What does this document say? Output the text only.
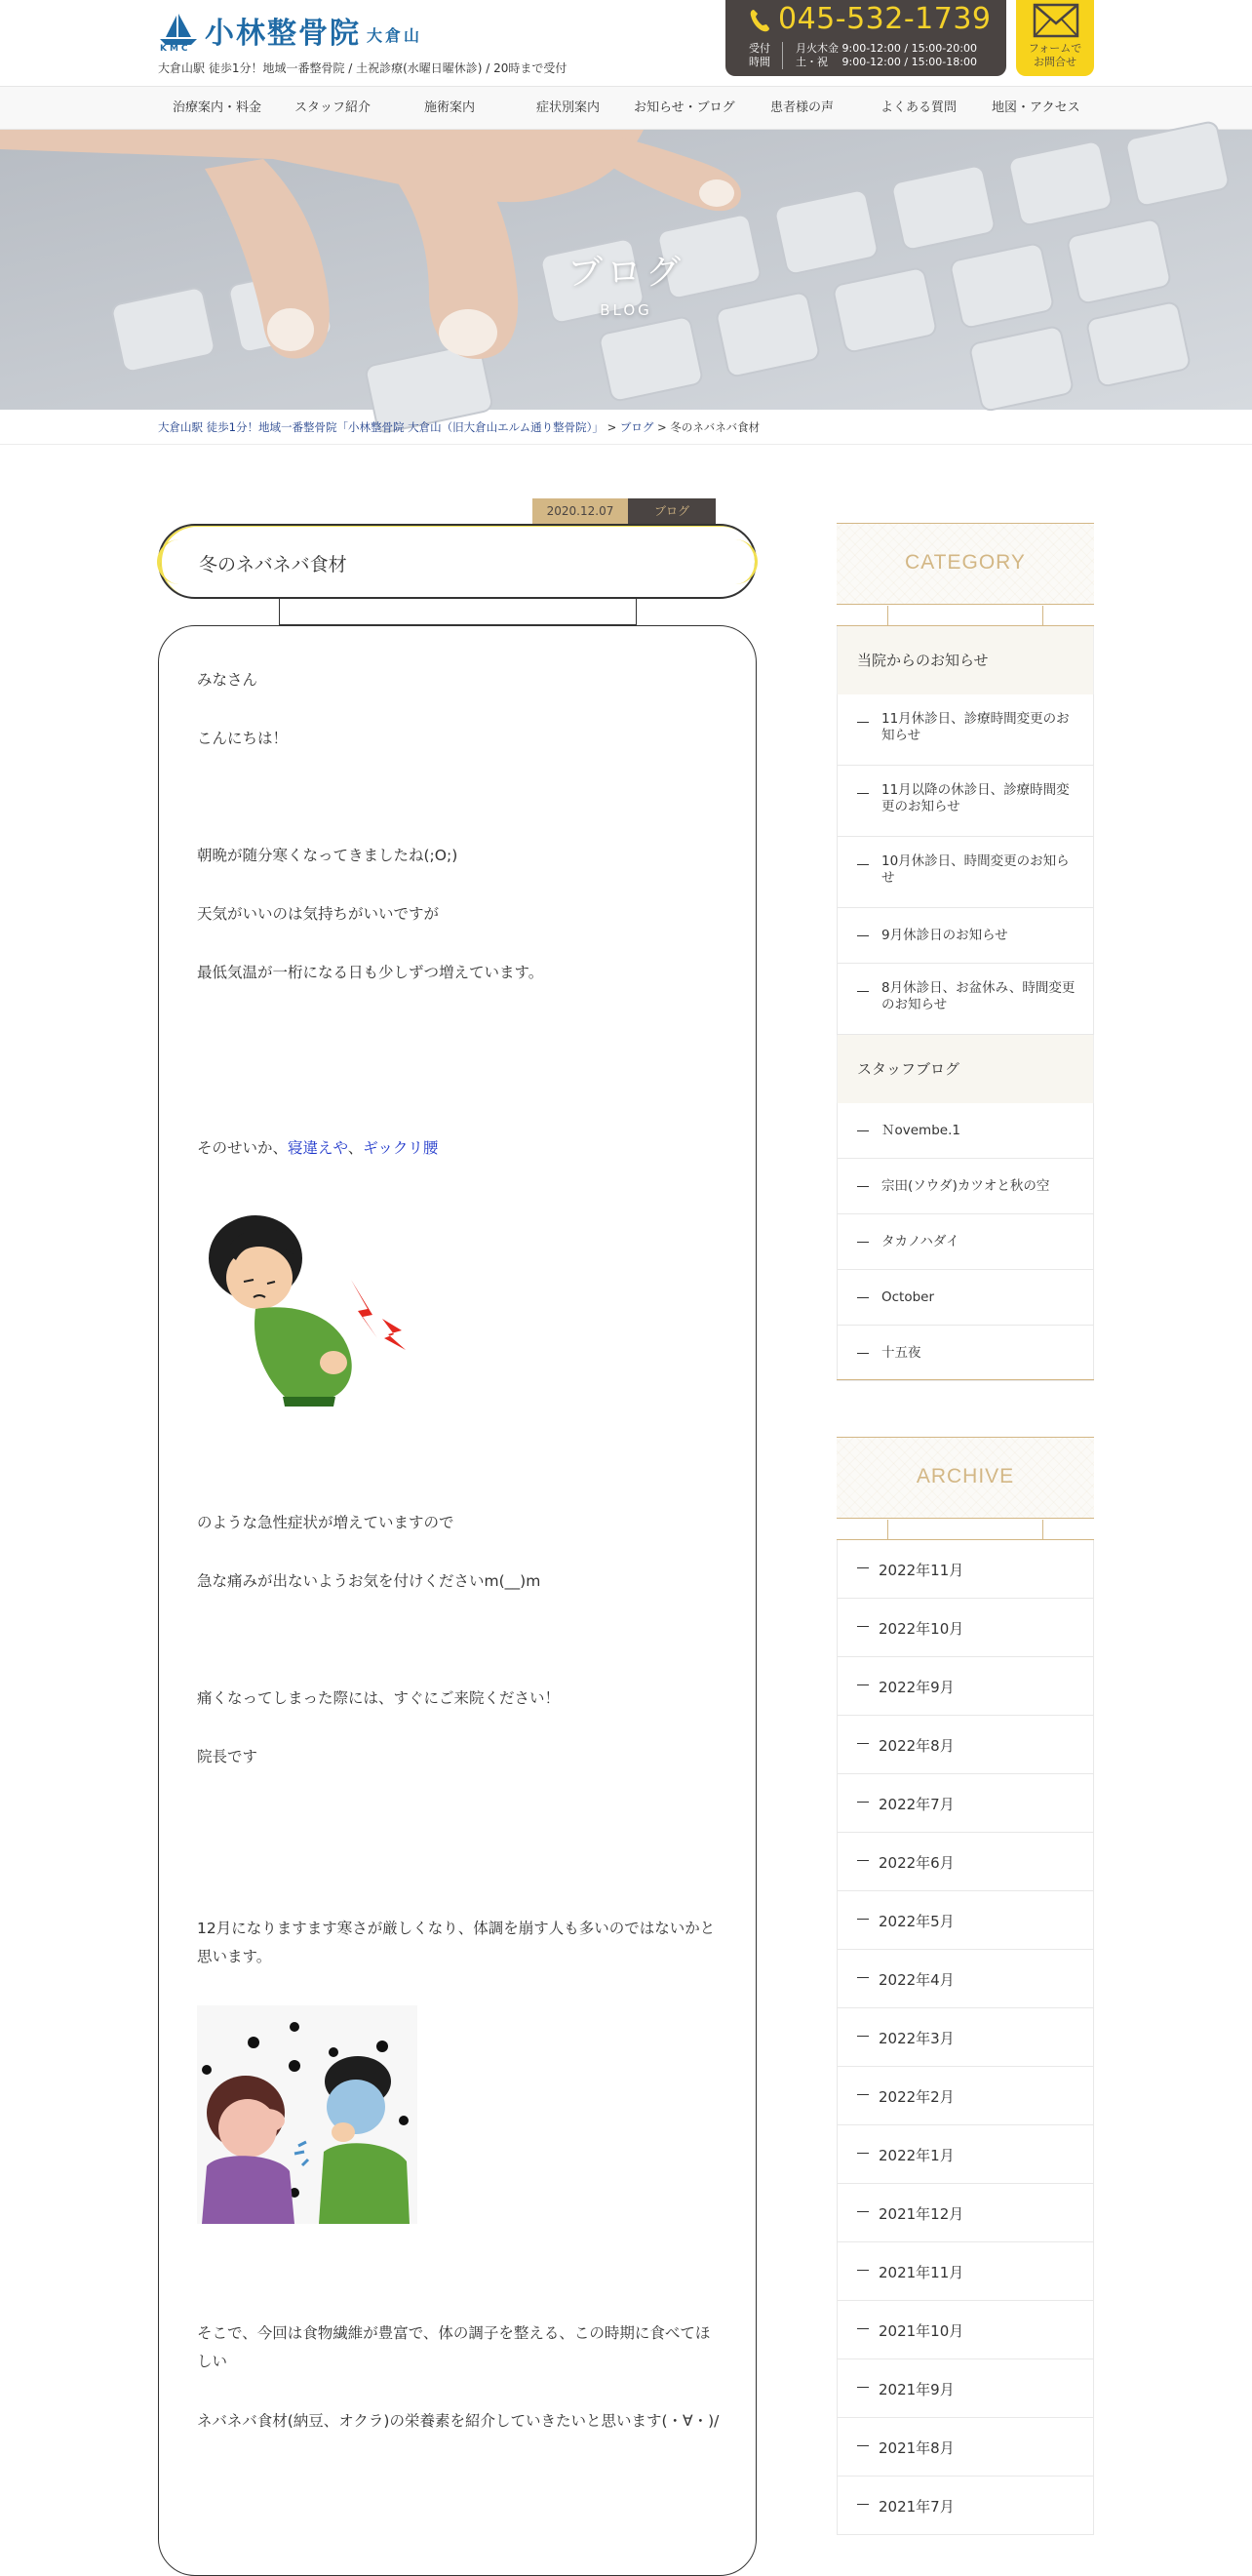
KMC 小林整骨院 大倉山
大倉山駅 徒歩1分！地域一番整骨院 / 土祝診療(水曜日曜休診) / 20時まで受付
045-532-1739
受付
時間
月火木金 9:00-12:00 / 15:00-20:00
土・祝　 9:00-12:00 / 15:00-18:00
フォームで
お問合せ
治療案内・料金	スタッフ紹介	施術案内	症状別案内	お知らせ・ブログ	患者様の声	よくある質問	地図・アクセス
ブログ
BLOG
大倉山駅 徒歩1分！地域一番整骨院「小林整骨院 大倉山（旧大倉山エルム通り整骨院）」 > ブログ > 冬のネバネバ食材
2020.12.07	ブログ
冬のネバネバ食材
みなさん
こんにちは！
朝晩が随分寒くなってきましたね(;O;)
天気がいいのは気持ちがいいですが
最低気温が一桁になる日も少しずつ増えています。
そのせいか、寝違えや、ギックリ腰
のような急性症状が増えていますので
急な痛みが出ないようお気を付けくださいm(__)m
痛くなってしまった際には、すぐにご来院ください！
院長です
12月になりますます寒さが厳しくなり、体調を崩す人も多いのではないかと思います。
そこで、今回は食物繊維が豊富で、体の調子を整える、この時期に食べてほしい
ネバネバ食材(納豆、オクラ)の栄養素を紹介していきたいと思います(・∀・)/
CATEGORY
当院からのお知らせ
11月休診日、診療時間変更のお知らせ
11月以降の休診日、診療時間変更のお知らせ
10月休診日、時間変更のお知らせ
9月休診日のお知らせ
8月休診日、お盆休み、時間変更のお知らせ
スタッフブログ
Ｎovembe.1
宗田(ソウダ)カツオと秋の空
タカノハダイ
October
十五夜
ARCHIVE
2022年11月
2022年10月
2022年9月
2022年8月
2022年7月
2022年6月
2022年5月
2022年4月
2022年3月
2022年2月
2022年1月
2021年12月
2021年11月
2021年10月
2021年9月
2021年8月
2021年7月
